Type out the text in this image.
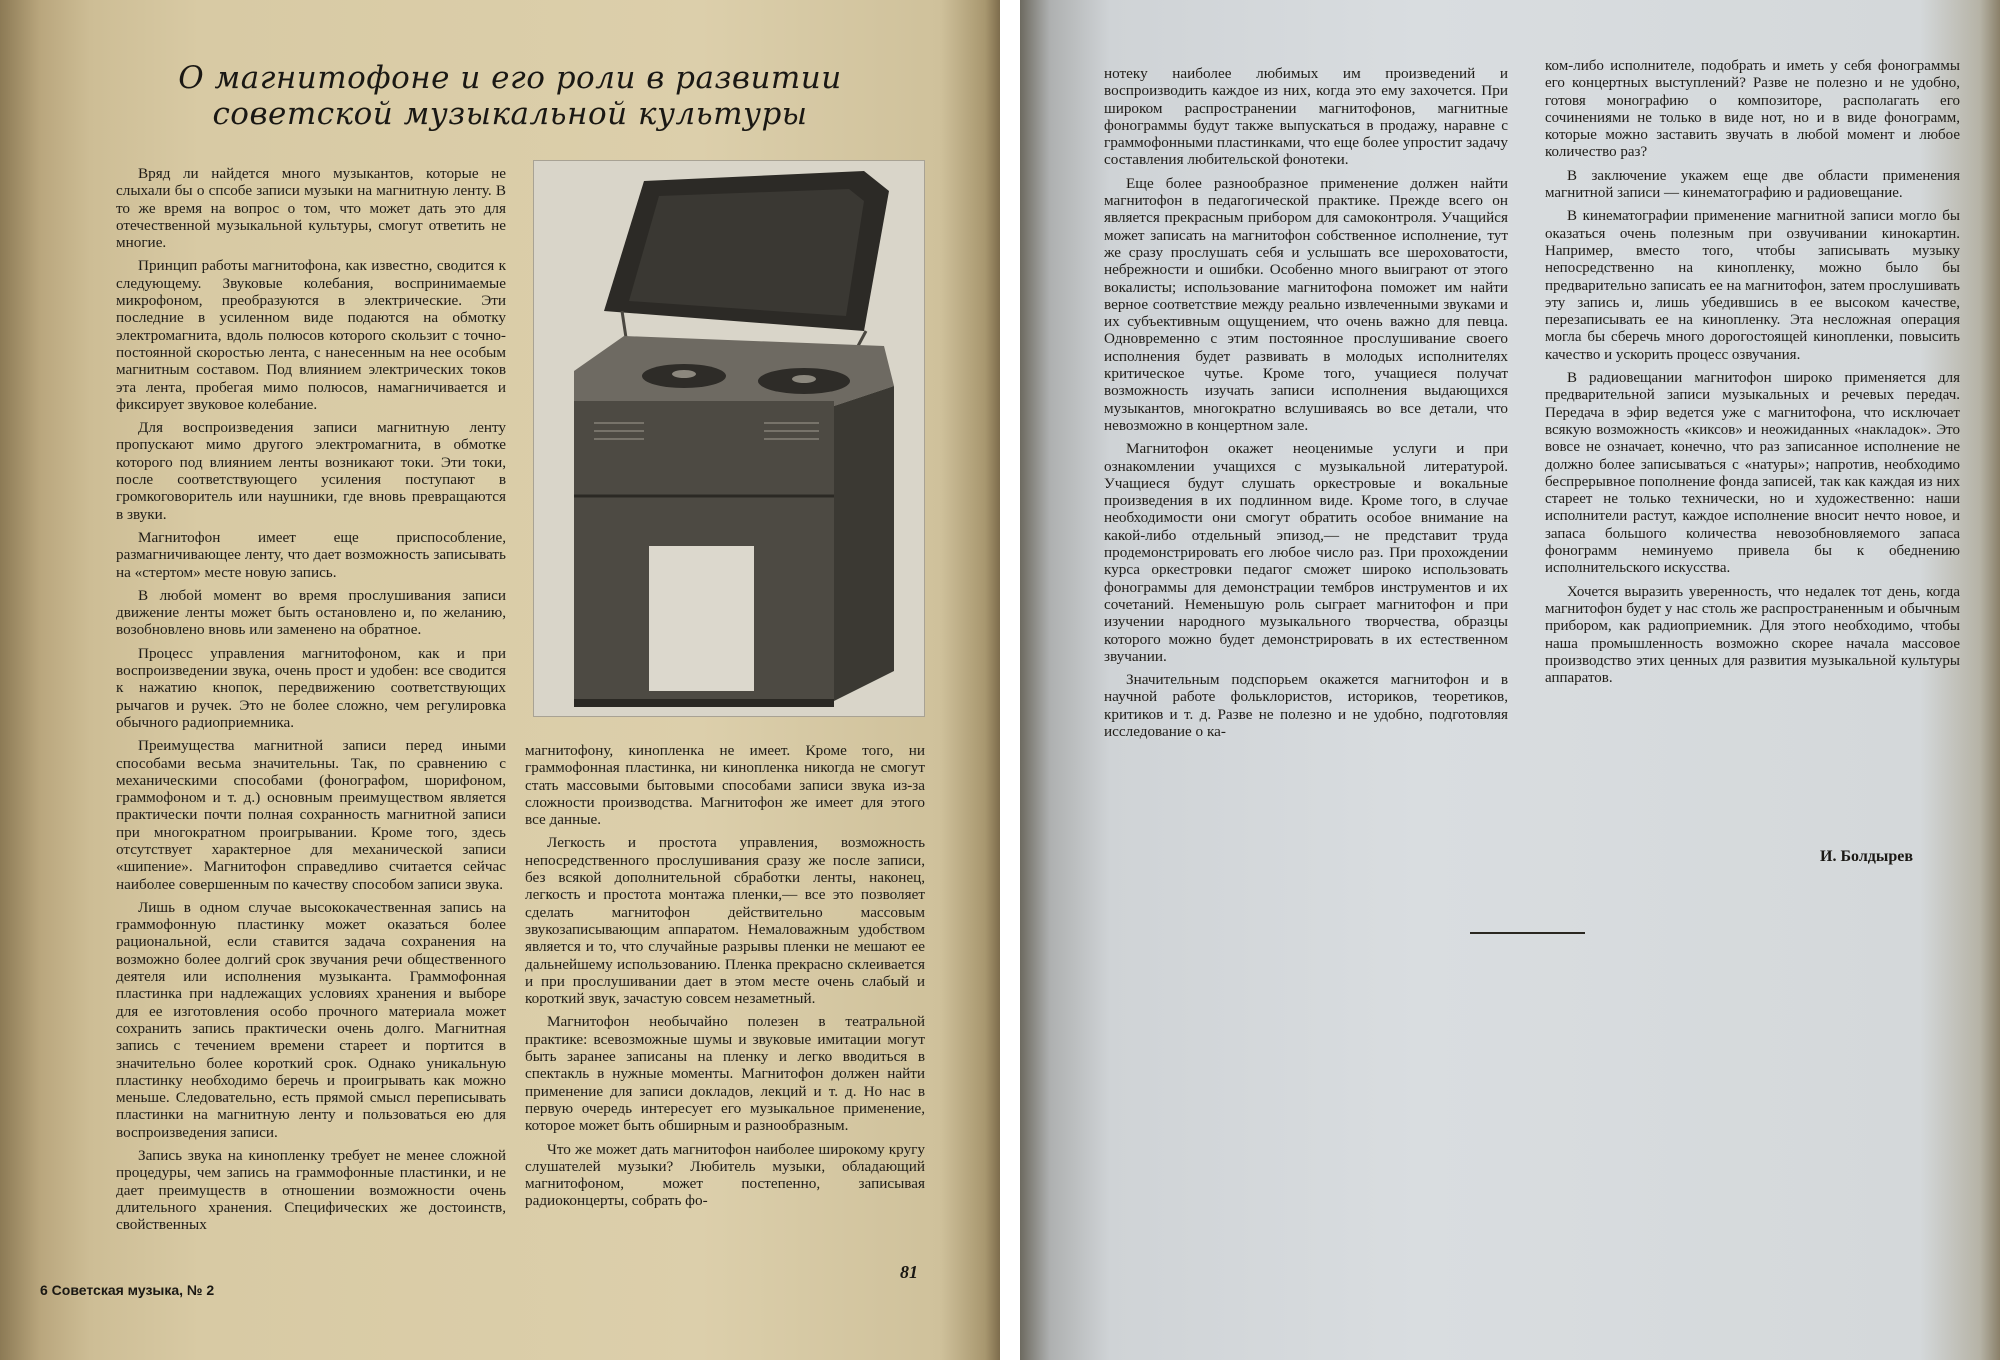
О магнитофоне и его роли в развитии советской музыкальной культуры

Вряд ли найдется много музыкантов, которые не слыхали бы о спсобе записи музыки на магнитную ленту. В то же время на вопрос о том, что может дать это для отечественной музыкальной культуры, смогут ответить не многие.

Принцип работы магнитофона, как известно, сводится к следующему. Звуковые колебания, воспринимаемые микрофоном, преобразуются в электрические. Эти последние в усиленном виде подаются на обмотку электромагнита, вдоль полюсов которого скользит с точно-постоянной скоростью лента, с нанесенным на нее особым магнитным составом. Под влиянием электрических токов эта лента, пробегая мимо полюсов, намагничивается и фиксирует звуковое колебание.

Для воспроизведения записи магнитную ленту пропускают мимо другого электромагнита, в обмотке которого под влиянием ленты возникают токи. Эти токи, после соответствующего усиления поступают в громкоговоритель или наушники, где вновь превращаются в звуки.

Магнитофон имеет еще приспособление, размагничивающее ленту, что дает возможность записывать на «стертом» месте новую запись.

В любой момент во время прослушивания записи движение ленты может быть остановлено и, по желанию, возобновлено вновь или заменено на обратное.

Процесс управления магнитофоном, как и при воспроизведении звука, очень прост и удобен: все сводится к нажатию кнопок, передвижению соответствующих рычагов и ручек. Это не более сложно, чем регулировка обычного радиоприемника.

Преимущества магнитной записи перед иными способами весьма значительны. Так, по сравнению с механическими способами (фонографом, шорифоном, граммофоном и т. д.) основным преимуществом является практически почти полная сохранность магнитной записи при многократном проигрывании. Кроме того, здесь отсутствует характерное для механической записи «шипение». Магнитофон справедливо считается сейчас наиболее совершенным по качеству способом записи звука.

Лишь в одном случае высококачественная запись на граммофонную пластинку может оказаться более рациональной, если ставится задача сохранения на возможно более долгий срок звучания речи общественного деятеля или исполнения музыканта. Граммофонная пластинка при надлежащих условиях хранения и выборе для ее изготовления особо прочного материала может сохранить запись практически очень долго. Магнитная запись с течением времени стареет и портится в значительно более короткий срок. Однако уникальную пластинку необходимо беречь и проигрывать как можно меньше. Следовательно, есть прямой смысл переписывать пластинки на магнитную ленту и пользоваться ею для воспроизведения записи.

Запись звука на кинопленку требует не менее сложной процедуры, чем запись на граммофонные пластинки, и не дает преимуществ в отношении возможности очень длительного хранения. Специфических же достоинств, свойственных

магнитофону, кинопленка не имеет. Кроме того, ни граммофонная пластинка, ни кинопленка никогда не смогут стать массовыми бытовыми способами записи звука из-за сложности производства. Магнитофон же имеет для этого все данные.

Легкость и простота управления, возможность непосредственного прослушивания сразу же после записи, без всякой дополнительной сбработки ленты, наконец, легкость и простота монтажа пленки,— все это позволяет сделать магнитофон действительно массовым звукозаписывающим аппаратом. Немаловажным удобством является и то, что случайные разрывы пленки не мешают ее дальнейшему использованию. Пленка прекрасно склеивается и при прослушивании дает в этом месте очень слабый и короткий звук, зачастую совсем незаметный.

Магнитофон необычайно полезен в театральной практике: всевозможные шумы и звуковые имитации могут быть заранее записаны на пленку и легко вводиться в спектакль в нужные моменты. Магнитофон должен найти применение для записи докладов, лекций и т. д. Но нас в первую очередь интересует его музыкальное применение, которое может быть обширным и разнообразным.

Что же может дать магнитофон наиболее широкому кругу слушателей музыки? Любитель музыки, обладающий магнитофоном, может постепенно, записывая радиоконцерты, собрать фо-

6 Советская музыка, № 2
81

нотеку наиболее любимых им произведений и воспроизводить каждое из них, когда это ему захочется. При широком распространении магнитофонов, магнитные фонограммы будут также выпускаться в продажу, наравне с граммофонными пластинками, что еще более упростит задачу составления любительской фонотеки.

Еще более разнообразное применение должен найти магнитофон в педагогической практике. Прежде всего он является прекрасным прибором для самоконтроля. Учащийся может записать на магнитофон собственное исполнение, тут же сразу прослушать себя и услышать все шероховатости, небрежности и ошибки. Особенно много выиграют от этого вокалисты; использование магнитофона поможет им найти верное соответствие между реально извлеченными звуками и их субъективным ощущением, что очень важно для певца. Одновременно с этим постоянное прослушивание своего исполнения будет развивать в молодых исполнителях критическое чутье. Кроме того, учащиеся получат возможность изучать записи исполнения выдающихся музыкантов, многократно вслушиваясь во все детали, что невозможно в концертном зале.

Магнитофон окажет неоценимые услуги и при ознакомлении учащихся с музыкальной литературой. Учащиеся будут слушать оркестровые и вокальные произведения в их подлинном виде. Кроме того, в случае необходимости они смогут обратить особое внимание на какой-либо отдельный эпизод,— не представит труда продемонстрировать его любое число раз. При прохождении курса оркестровки педагог сможет широко использовать фонограммы для демонстрации тембров инструментов и их сочетаний. Неменьшую роль сыграет магнитофон и при изучении народного музыкального творчества, образцы которого можно будет демонстрировать в их естественном звучании.

Значительным подспорьем окажется магнитофон и в научной работе фольклористов, историков, теоретиков, критиков и т. д. Разве не полезно и не удобно, подготовляя исследование о ка-

ком-либо исполнителе, подобрать и иметь у себя фонограммы его концертных выступлений? Разве не полезно и не удобно, готовя монографию о композиторе, располагать его сочинениями не только в виде нот, но и в виде фонограмм, которые можно заставить звучать в любой момент и любое количество раз?

В заключение укажем еще две области применения магнитной записи — кинематографию и радиовещание.

В кинематографии применение магнитной записи могло бы оказаться очень полезным при озвучивании кинокартин. Например, вместо того, чтобы записывать музыку непосредственно на кинопленку, можно было бы предварительно записать ее на магнитофон, затем прослушивать эту запись и, лишь убедившись в ее высоком качестве, перезаписывать ее на кинопленку. Эта несложная операция могла бы сберечь много дорогостоящей кинопленки, повысить качество и ускорить процесс озвучания.

В радиовещании магнитофон широко применяется для предварительной записи музыкальных и речевых передач. Передача в эфир ведется уже с магнитофона, что исключает всякую возможность «киксов» и неожиданных «накладок». Это вовсе не означает, конечно, что раз записанное исполнение не должно более записываться с «натуры»; напротив, необходимо беспрерывное пополнение фонда записей, так как каждая из них стареет не только технически, но и художественно: наши исполнители растут, каждое исполнение вносит нечто новое, и запаса большого количества невозобновляемого запаса фонограмм неминуемо привела бы к обеднению исполнительского искусства.

Хочется выразить уверенность, что недалек тот день, когда магнитофон будет у нас столь же распространенным и обычным прибором, как радиоприемник. Для этого необходимо, чтобы наша промышленность возможно скорее начала массовое производство этих ценных для развития музыкальной культуры аппаратов.

И. Болдырев
